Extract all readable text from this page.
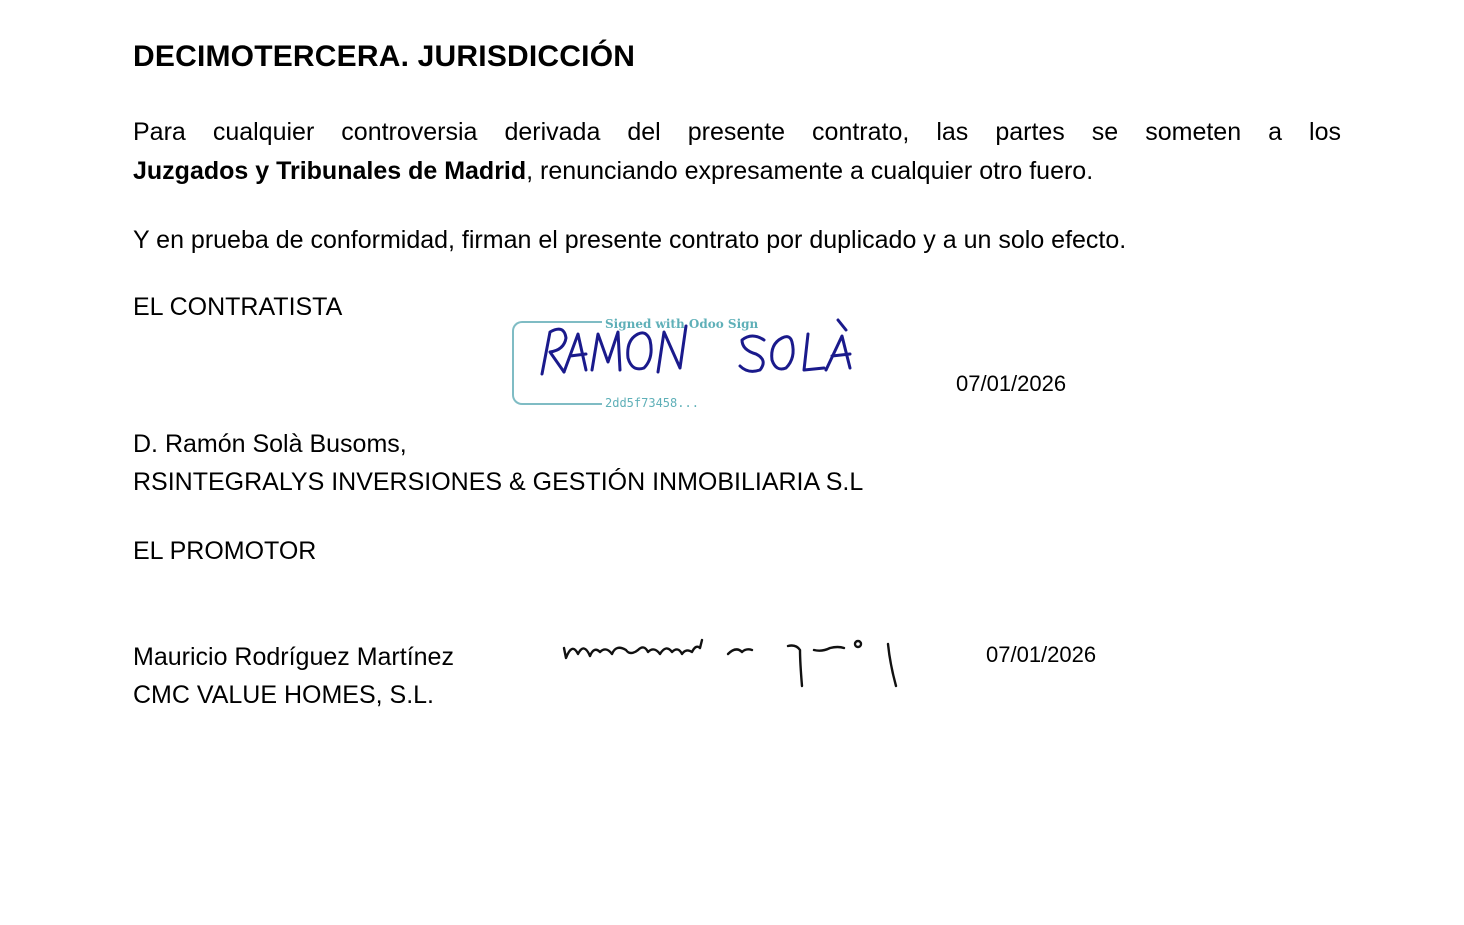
DECIMOTERCERA. JURISDICCIÓN
Para cualquier controversia derivada del presente contrato, las partes se someten a los
Juzgados y Tribunales de Madrid, renunciando expresamente a cualquier otro fuero.
Y en prueba de conformidad, firman el presente contrato por duplicado y a un solo efecto.
EL CONTRATISTA
Signed with Odoo Sign
2dd5f73458...
07/01/2026
D. Ramón Solà Busoms,
RSINTEGRALYS INVERSIONES & GESTIÓN INMOBILIARIA S.L
EL PROMOTOR
07/01/2026
Mauricio Rodríguez Martínez
CMC VALUE HOMES, S.L.
